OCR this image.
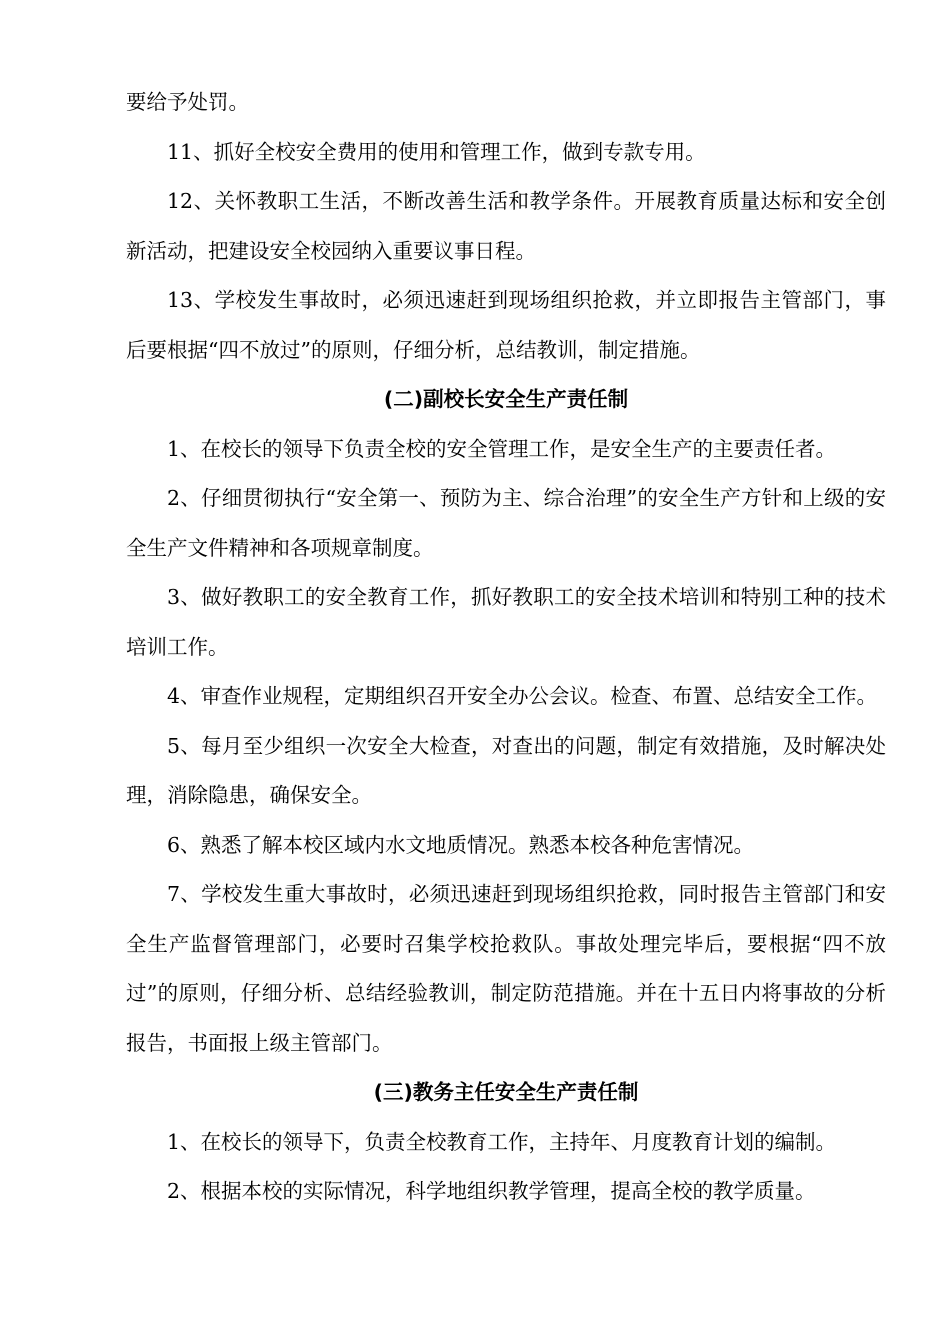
要给予处罚。

11、抓好全校安全费用的使用和管理工作，做到专款专用。

12、关怀教职工生活，不断改善生活和教学条件。开展教育质量达标和安全创新活动，把建设安全校园纳入重要议事日程。

13、学校发生事故时，必须迅速赶到现场组织抢救，并立即报告主管部门，事后要根据“四不放过”的原则，仔细分析，总结教训，制定措施。

(二)副校长安全生产责任制

1、在校长的领导下负责全校的安全管理工作，是安全生产的主要责任者。

2、仔细贯彻执行“安全第一、预防为主、综合治理”的安全生产方针和上级的安全生产文件精神和各项规章制度。

3、做好教职工的安全教育工作，抓好教职工的安全技术培训和特别工种的技术培训工作。

4、审查作业规程，定期组织召开安全办公会议。检查、布置、总结安全工作。

5、每月至少组织一次安全大检查，对查出的问题，制定有效措施，及时解决处理，消除隐患，确保安全。

6、熟悉了解本校区域内水文地质情况。熟悉本校各种危害情况。

7、学校发生重大事故时，必须迅速赶到现场组织抢救，同时报告主管部门和安全生产监督管理部门，必要时召集学校抢救队。事故处理完毕后，要根据“四不放过”的原则，仔细分析、总结经验教训，制定防范措施。并在十五日内将事故的分析报告，书面报上级主管部门。

(三)教务主任安全生产责任制

1、在校长的领导下，负责全校教育工作，主持年、月度教育计划的编制。

2、根据本校的实际情况，科学地组织教学管理，提高全校的教学质量。
